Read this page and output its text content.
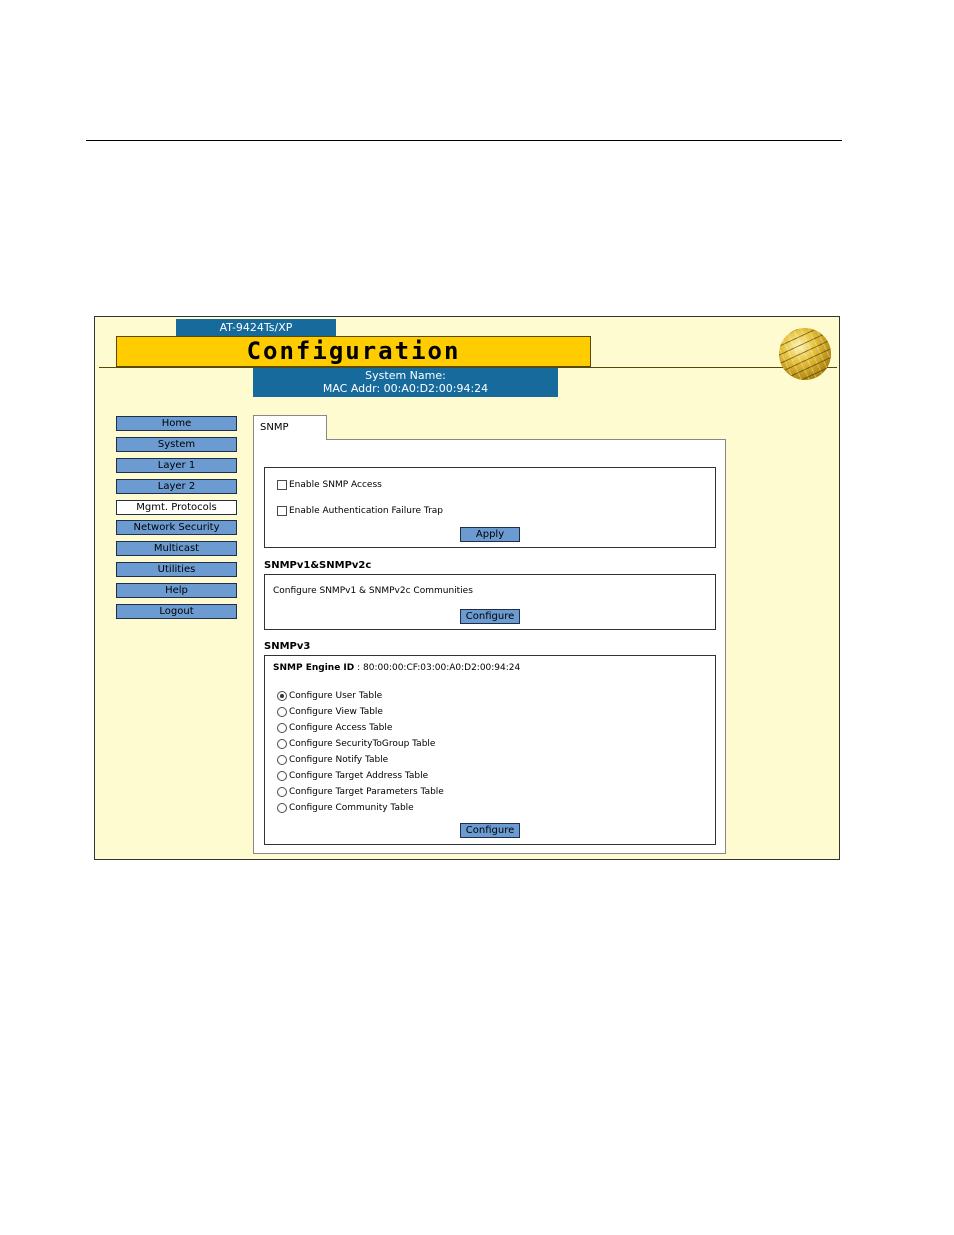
AT-9424Ts/XP
Configuration
System Name:
MAC Addr: 00:A0:D2:00:94:24
Home
System
Layer 1
Layer 2
Mgmt. Protocols
Network Security
Multicast
Utilities
Help
Logout
Enable SNMP Access
Enable Authentication Failure Trap
Apply
SNMPv1&SNMPv2c
Configure SNMPv1 & SNMPv2c Communities
Configure
SNMPv3
SNMP Engine ID : 80:00:00:CF:03:00:A0:D2:00:94:24
Configure User Table
Configure View Table
Configure Access Table
Configure SecurityToGroup Table
Configure Notify Table
Configure Target Address Table
Configure Target Parameters Table
Configure Community Table
Configure
SNMP
